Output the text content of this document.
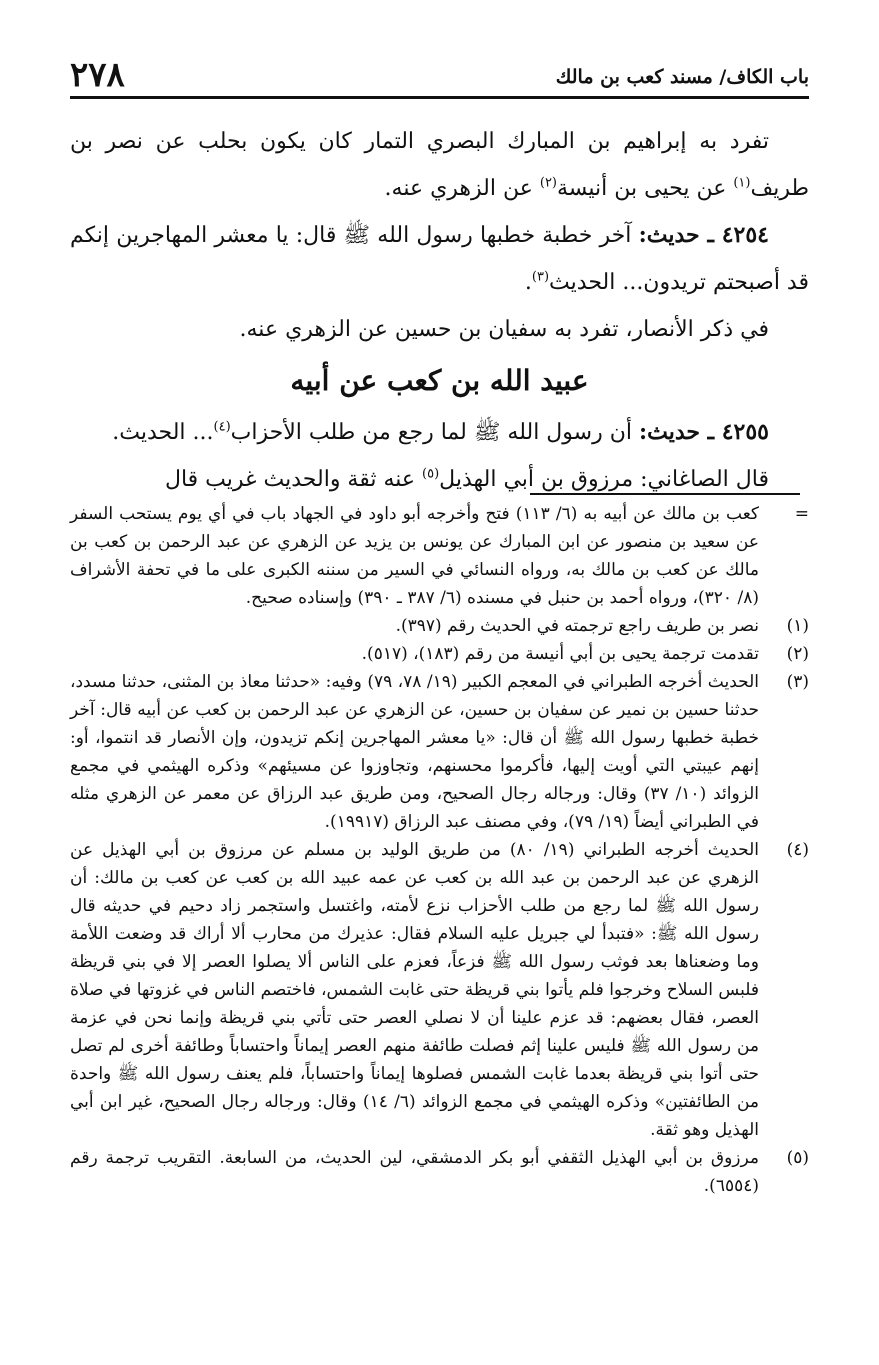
باب الكاف/ مسند كعب بن مالك
٢٧٨

تفرد به إبراهيم بن المبارك البصري التمار كان يكون بحلب عن نصر بن طريف$^{(١)}$ عن يحيى بن أنيسة$^{(٢)}$ عن الزهري عنه.

٤٢٥٤ ـ حديث: آخر خطبة خطبها رسول الله ﷺ قال: يا معشر المهاجرين إنكم قد أصبحتم تريدون... الحديث$^{(٣)}$.

في ذكر الأنصار، تفرد به سفيان بن حسين عن الزهري عنه.

عبيد الله بن كعب عن أبيه

٤٢٥٥ ـ حديث: أن رسول الله ﷺ لما رجع من طلب الأحزاب$^{(٤)}$... الحديث.

قال الصاغاني: مرزوق بن أبي الهذيل$^{(٥)}$ عنه ثقة والحديث غريب قال

=
كعب بن مالك عن أبيه به (٦/ ١١٣) فتح وأخرجه أبو داود في الجهاد باب في أي يوم يستحب السفر عن سعيد بن منصور عن ابن المبارك عن يونس بن يزيد عن الزهري عن عبد الرحمن بن كعب بن مالك عن كعب بن مالك به، ورواه النسائي في السير من سننه الكبرى على ما في تحفة الأشراف (٨/ ٣٢٠)، ورواه أحمد بن حنبل في مسنده (٦/ ٣٨٧ ـ ٣٩٠) وإسناده صحيح.

(١)
نصر بن طريف راجع ترجمته في الحديث رقم (٣٩٧).

(٢)
تقدمت ترجمة يحيى بن أبي أنيسة من رقم (١٨٣)، (٥١٧).

(٣)
الحديث أخرجه الطبراني في المعجم الكبير (١٩/ ٧٨، ٧٩) وفيه: «حدثنا معاذ بن المثنى، حدثنا مسدد، حدثنا حسين بن نمير عن سفيان بن حسين، عن الزهري عن عبد الرحمن بن كعب عن أبيه قال: آخر خطبة خطبها رسول الله ﷺ أن قال: «يا معشر المهاجرين إنكم تزيدون، وإن الأنصار قد انتموا، أو: إنهم عيبتي التي أويت إليها، فأكرموا محسنهم، وتجاوزوا عن مسيئهم» وذكره الهيثمي في مجمع الزوائد (١٠/ ٣٧) وقال: ورجاله رجال الصحيح، ومن طريق عبد الرزاق عن معمر عن الزهري مثله في الطبراني أيضاً (١٩/ ٧٩)، وفي مصنف عبد الرزاق (١٩٩١٧).

(٤)
الحديث أخرجه الطبراني (١٩/ ٨٠) من طريق الوليد بن مسلم عن مرزوق بن أبي الهذيل عن الزهري عن عبد الرحمن بن عبد الله بن كعب عن عمه عبيد الله بن كعب عن كعب بن مالك: أن رسول الله ﷺ لما رجع من طلب الأحزاب نزع لأمته، واغتسل واستجمر زاد دحيم في حديثه قال رسول الله ﷺ: «فتبدأ لي جبريل عليه السلام فقال: عذيرك من محارب ألا أراك قد وضعت اللأمة وما وضعناها بعد فوثب رسول الله ﷺ فزعاً، فعزم على الناس ألا يصلوا العصر إلا في بني قريظة فلبس السلاح وخرجوا فلم يأتوا بني قريظة حتى غابت الشمس، فاختصم الناس في غزوتها في صلاة العصر، فقال بعضهم: قد عزم علينا أن لا نصلي العصر حتى تأتي بني قريظة وإنما نحن في عزمة من رسول الله ﷺ فليس علينا إثم فصلت طائفة منهم العصر إيماناً واحتساباً وطائفة أخرى لم تصل حتى أتوا بني قريظة بعدما غابت الشمس فصلوها إيماناً واحتساباً، فلم يعنف رسول الله ﷺ واحدة من الطائفتين» وذكره الهيثمي في مجمع الزوائد (٦/ ١٤) وقال: ورجاله رجال الصحيح، غير ابن أبي الهذيل وهو ثقة.

(٥)
مرزوق بن أبي الهذيل الثقفي أبو بكر الدمشقي، لين الحديث، من السابعة. التقريب ترجمة رقم (٦٥٥٤).
